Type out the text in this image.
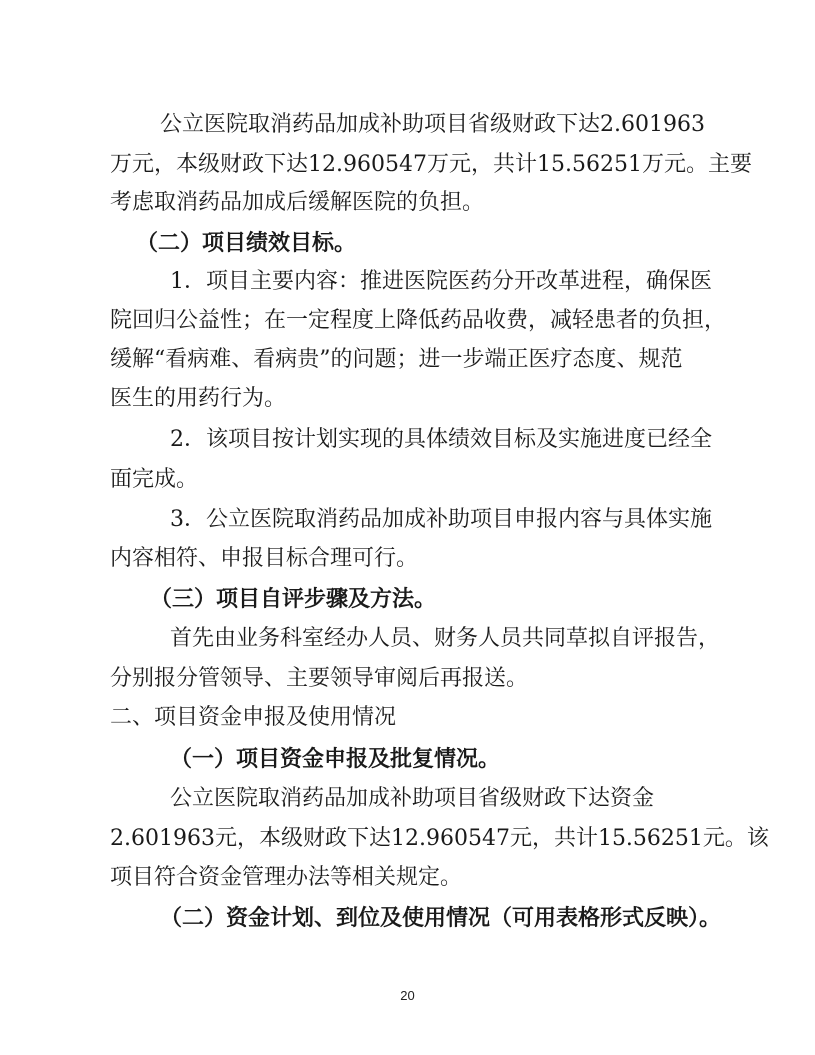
公立医院取消药品加成补助项目省级财政下达2.601963
万元，本级财政下达12.960547万元，共计15.56251万元。主要
考虑取消药品加成后缓解医院的负担。
（二）项目绩效目标。
1．项目主要内容：推进医院医药分开改革进程，确保医
院回归公益性；在一定程度上降低药品收费，减轻患者的负担，
缓解“看病难、看病贵”的问题；进一步端正医疗态度、规范
医生的用药行为。
2．该项目按计划实现的具体绩效目标及实施进度已经全
面完成。
3．公立医院取消药品加成补助项目申报内容与具体实施
内容相符、申报目标合理可行。
（三）项目自评步骤及方法。
首先由业务科室经办人员、财务人员共同草拟自评报告，
分别报分管领导、主要领导审阅后再报送。
二、项目资金申报及使用情况
（一）项目资金申报及批复情况。
公立医院取消药品加成补助项目省级财政下达资金
2.601963元，本级财政下达12.960547元，共计15.56251元。该
项目符合资金管理办法等相关规定。
（二）资金计划、到位及使用情况（可用表格形式反映）。
20
